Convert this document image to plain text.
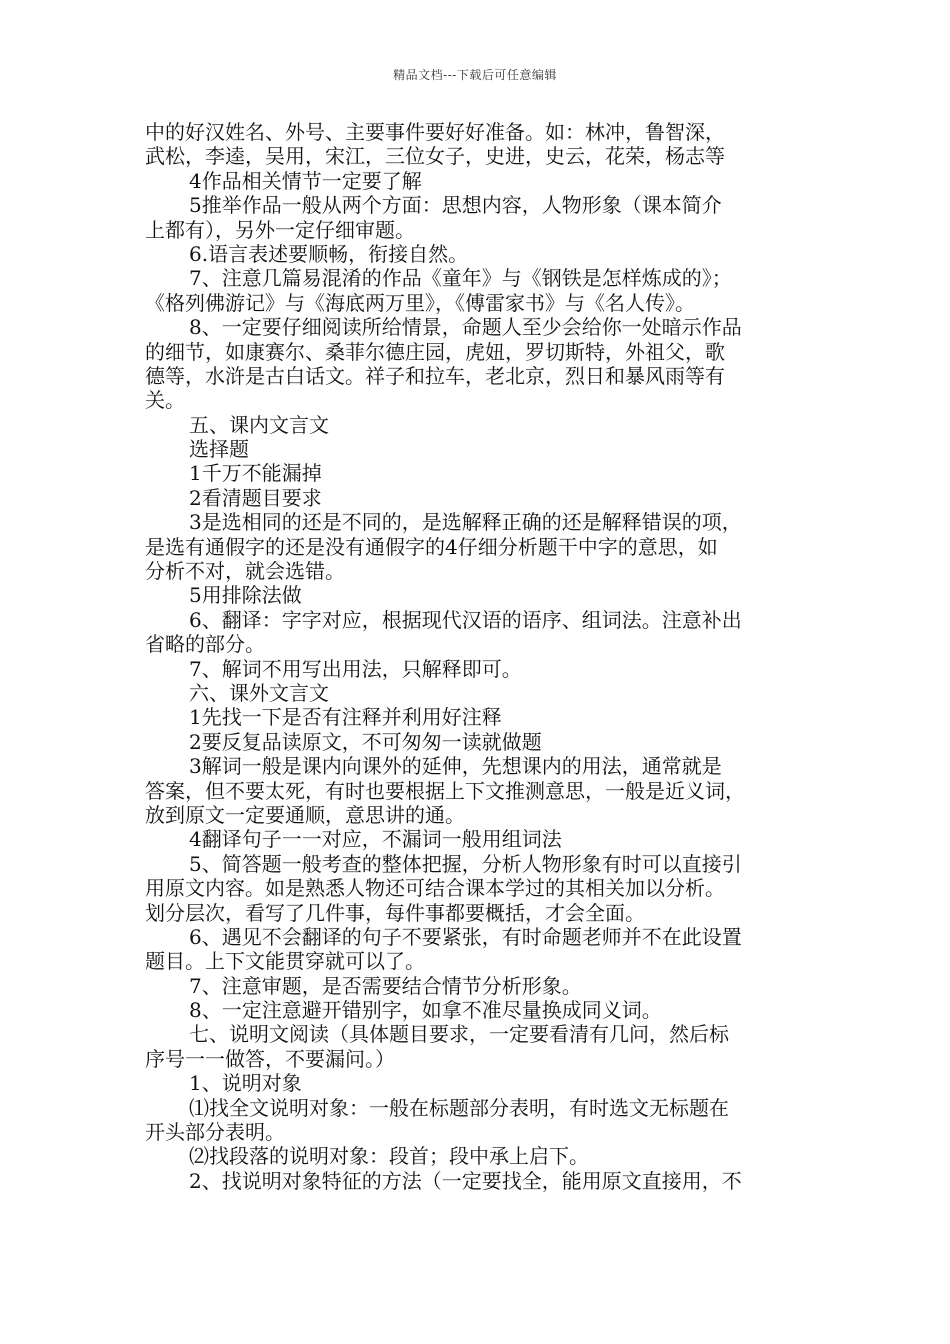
精品文档---下载后可任意编辑
中的好汉姓名、外号、主要事件要好好准备。如：林冲，鲁智深，
武松，李逵，吴用，宋江，三位女子，史进，史云，花荣，杨志等
4作品相关情节一定要了解
5推举作品一般从两个方面：思想内容，人物形象（课本简介
上都有），另外一定仔细审题。
6.语言表述要顺畅，衔接自然。
7、注意几篇易混淆的作品《童年》与《钢铁是怎样炼成的》；
《格列佛游记》与《海底两万里》，《傅雷家书》与《名人传》。
8、一定要仔细阅读所给情景，命题人至少会给你一处暗示作品
的细节，如康赛尔、桑菲尔德庄园，虎妞，罗切斯特，外祖父，歌
德等，水浒是古白话文。祥子和拉车，老北京，烈日和暴风雨等有
关。
五、课内文言文
选择题
1千万不能漏掉
2看清题目要求
3是选相同的还是不同的，是选解释正确的还是解释错误的项，
是选有通假字的还是没有通假字的4仔细分析题干中字的意思，如
分析不对，就会选错。
5用排除法做
6、翻译：字字对应，根据现代汉语的语序、组词法。注意补出
省略的部分。
7、解词不用写出用法，只解释即可。
六、课外文言文
1先找一下是否有注释并利用好注释
2要反复品读原文，不可匆匆一读就做题
3解词一般是课内向课外的延伸，先想课内的用法，通常就是
答案，但不要太死，有时也要根据上下文推测意思，一般是近义词，
放到原文一定要通顺，意思讲的通。
4翻译句子一一对应，不漏词一般用组词法
5、简答题一般考查的整体把握，分析人物形象有时可以直接引
用原文内容。如是熟悉人物还可结合课本学过的其相关加以分析。
划分层次，看写了几件事，每件事都要概括，才会全面。
6、遇见不会翻译的句子不要紧张，有时命题老师并不在此设置
题目。上下文能贯穿就可以了。
7、注意审题，是否需要结合情节分析形象。
8、一定注意避开错别字，如拿不准尽量换成同义词。
七、说明文阅读（具体题目要求，一定要看清有几问，然后标
序号一一做答，不要漏问。）
1、说明对象
⑴找全文说明对象：一般在标题部分表明，有时选文无标题在
开头部分表明。
⑵找段落的说明对象：段首；段中承上启下。
2、找说明对象特征的方法（一定要找全，能用原文直接用，不
